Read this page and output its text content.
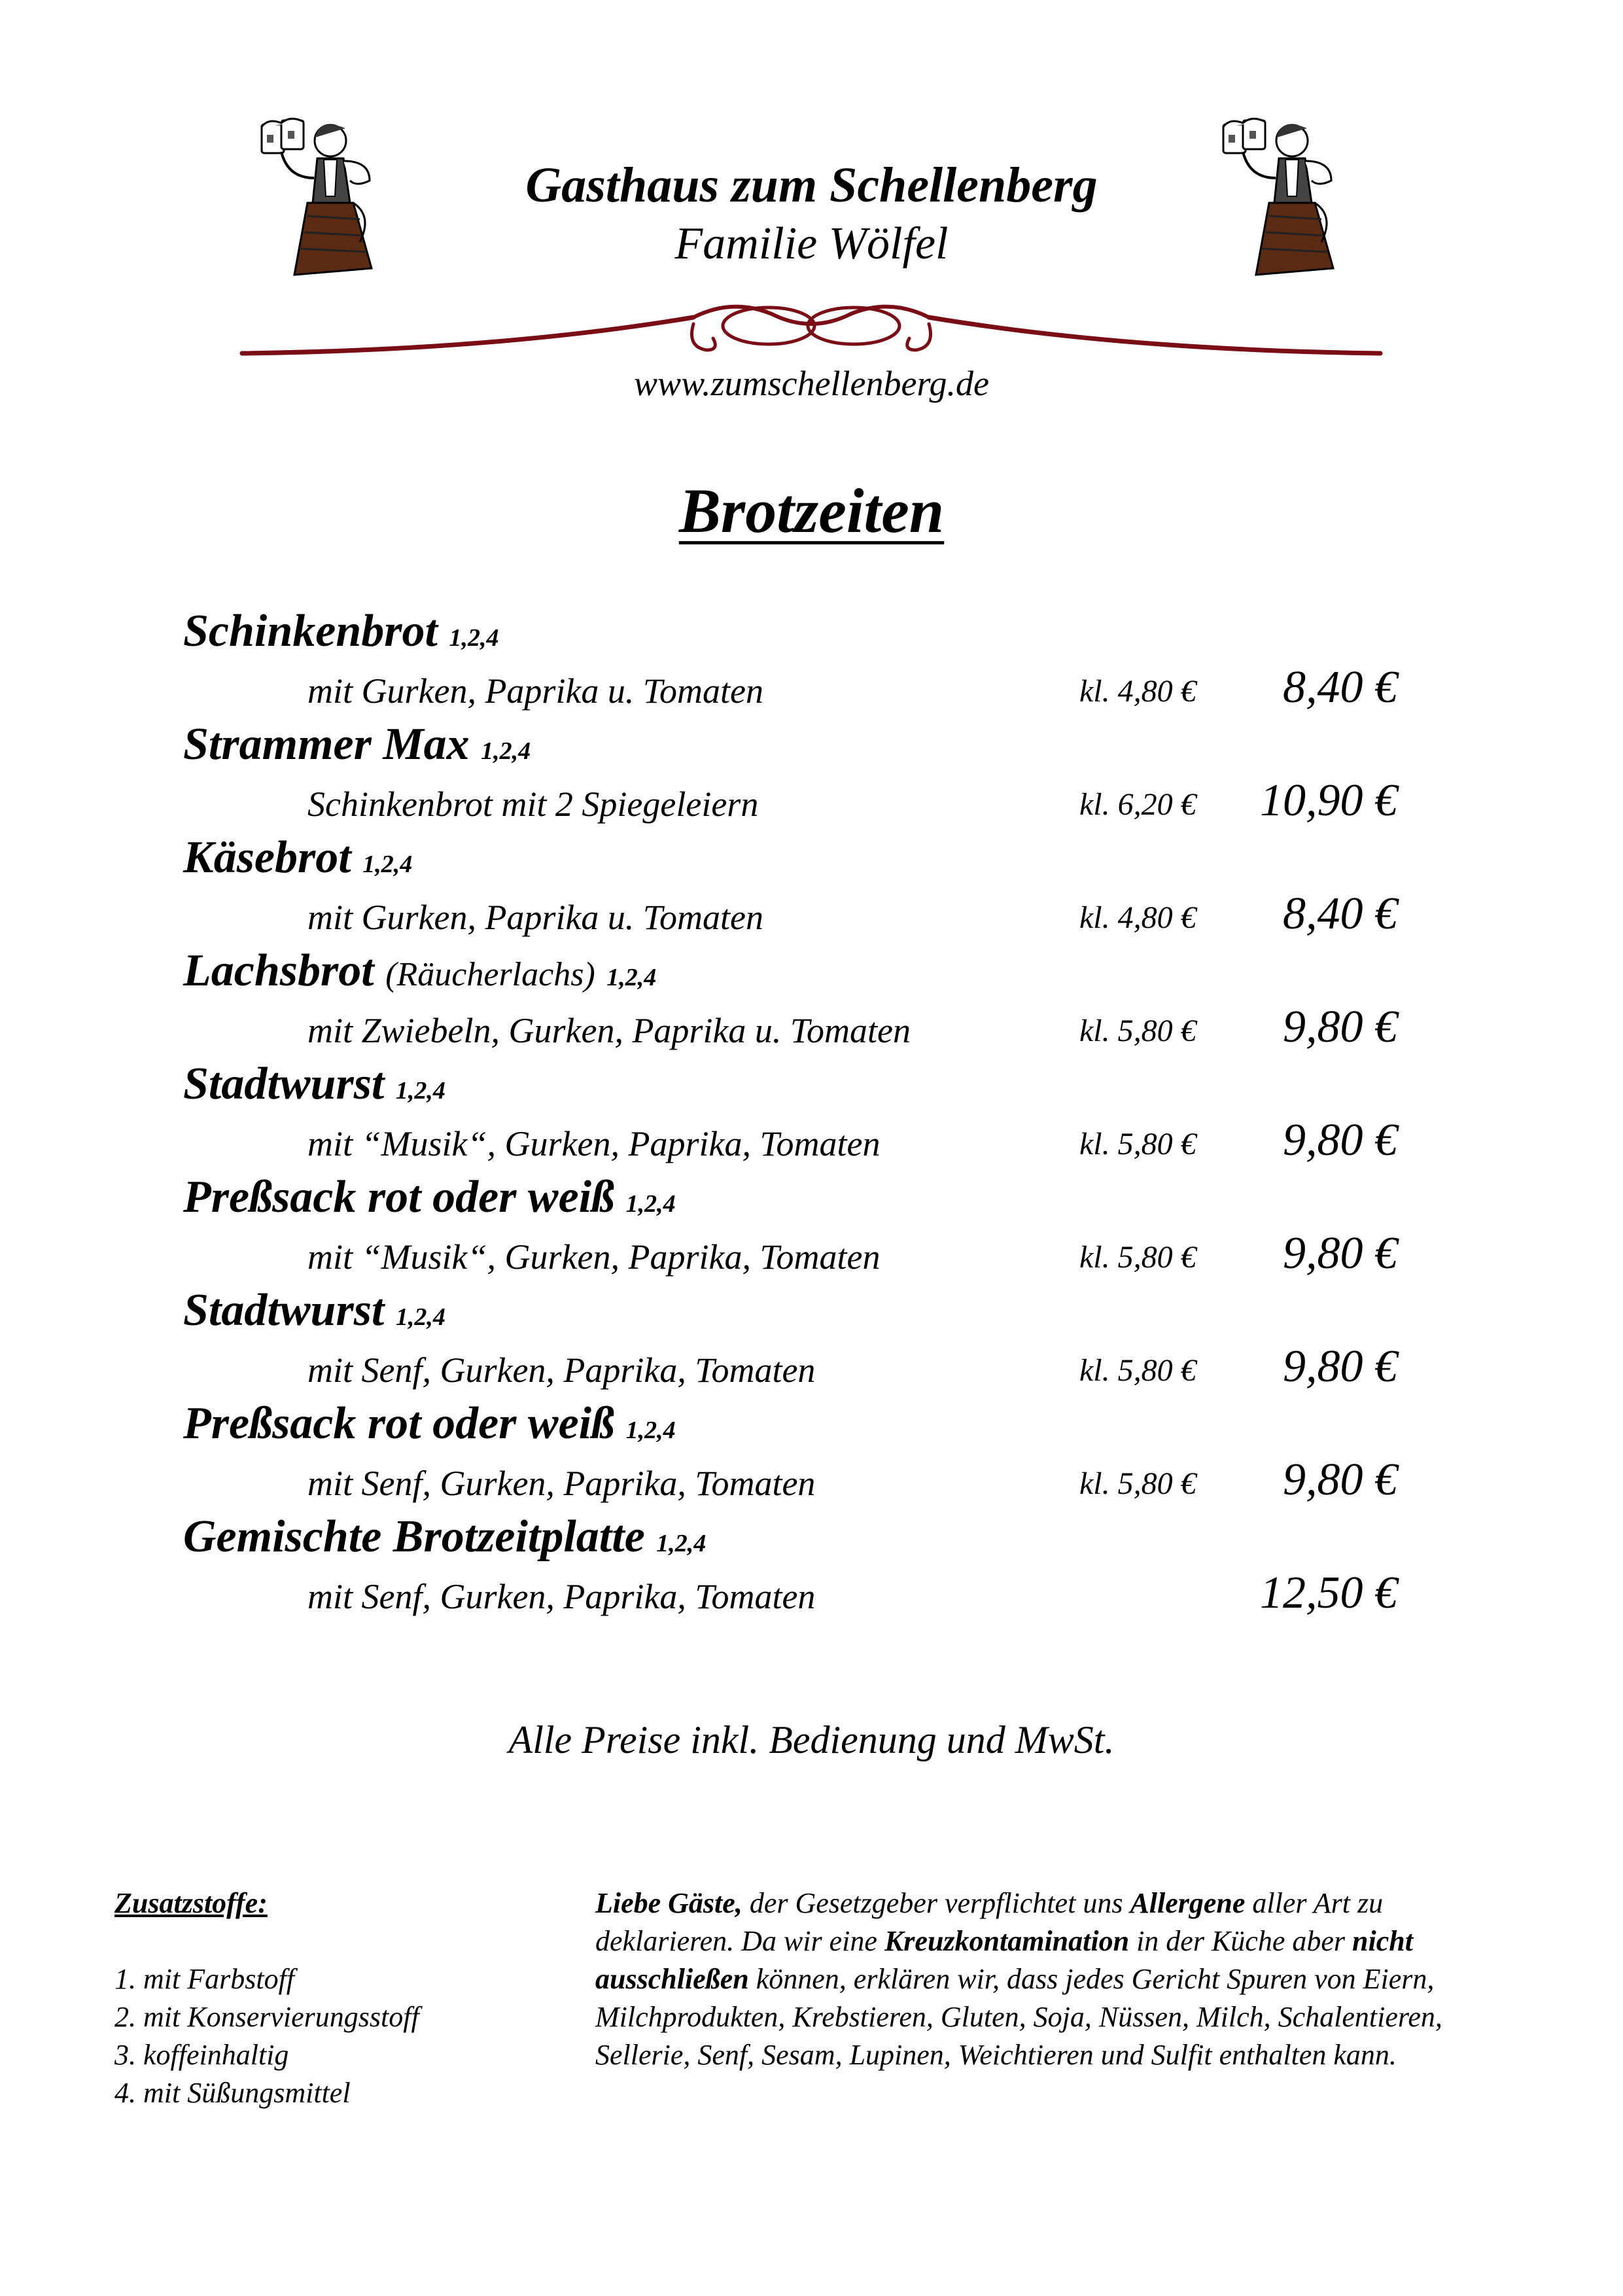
Gasthaus zum Schellenberg
Familie Wölfel
www.zumschellenberg.de
Brotzeiten
Schinkenbrot 1,2,4
mit Gurken, Paprika u. Tomaten	kl. 4,80 € 8,40 €
Strammer Max 1,2,4
Schinkenbrot mit 2 Spiegeleiern	kl. 6,20 € 10,90 €
Käsebrot 1,2,4
mit Gurken, Paprika u. Tomaten	kl. 4,80 € 8,40 €
Lachsbrot (Räucherlachs) 1,2,4
mit Zwiebeln, Gurken, Paprika u. Tomaten	kl. 5,80 € 9,80 €
Stadtwurst 1,2,4
mit “Musik“, Gurken, Paprika, Tomaten	kl. 5,80 € 9,80 €
Preßsack rot oder weiß 1,2,4
mit “Musik“, Gurken, Paprika, Tomaten	kl. 5,80 € 9,80 €
Stadtwurst 1,2,4
mit Senf, Gurken, Paprika, Tomaten	kl. 5,80 € 9,80 €
Preßsack rot oder weiß 1,2,4
mit Senf, Gurken, Paprika, Tomaten	kl. 5,80 € 9,80 €
Gemischte Brotzeitplatte 1,2,4
mit Senf, Gurken, Paprika, Tomaten	12,50 €
Alle Preise inkl. Bedienung und MwSt.
Zusatzstoffe:
1. mit Farbstoff
2. mit Konservierungsstoff
3. koffeinhaltig
4. mit Süßungsmittel
Liebe Gäste, der Gesetzgeber verpflichtet uns Allergene aller Art zu deklarieren. Da wir eine Kreuzkontamination in der Küche aber nicht ausschließen können, erklären wir, dass jedes Gericht Spuren von Eiern, Milchprodukten, Krebstieren, Gluten, Soja, Nüssen, Milch, Schalentieren, Sellerie, Senf, Sesam, Lupinen, Weichtieren und Sulfit enthalten kann.
